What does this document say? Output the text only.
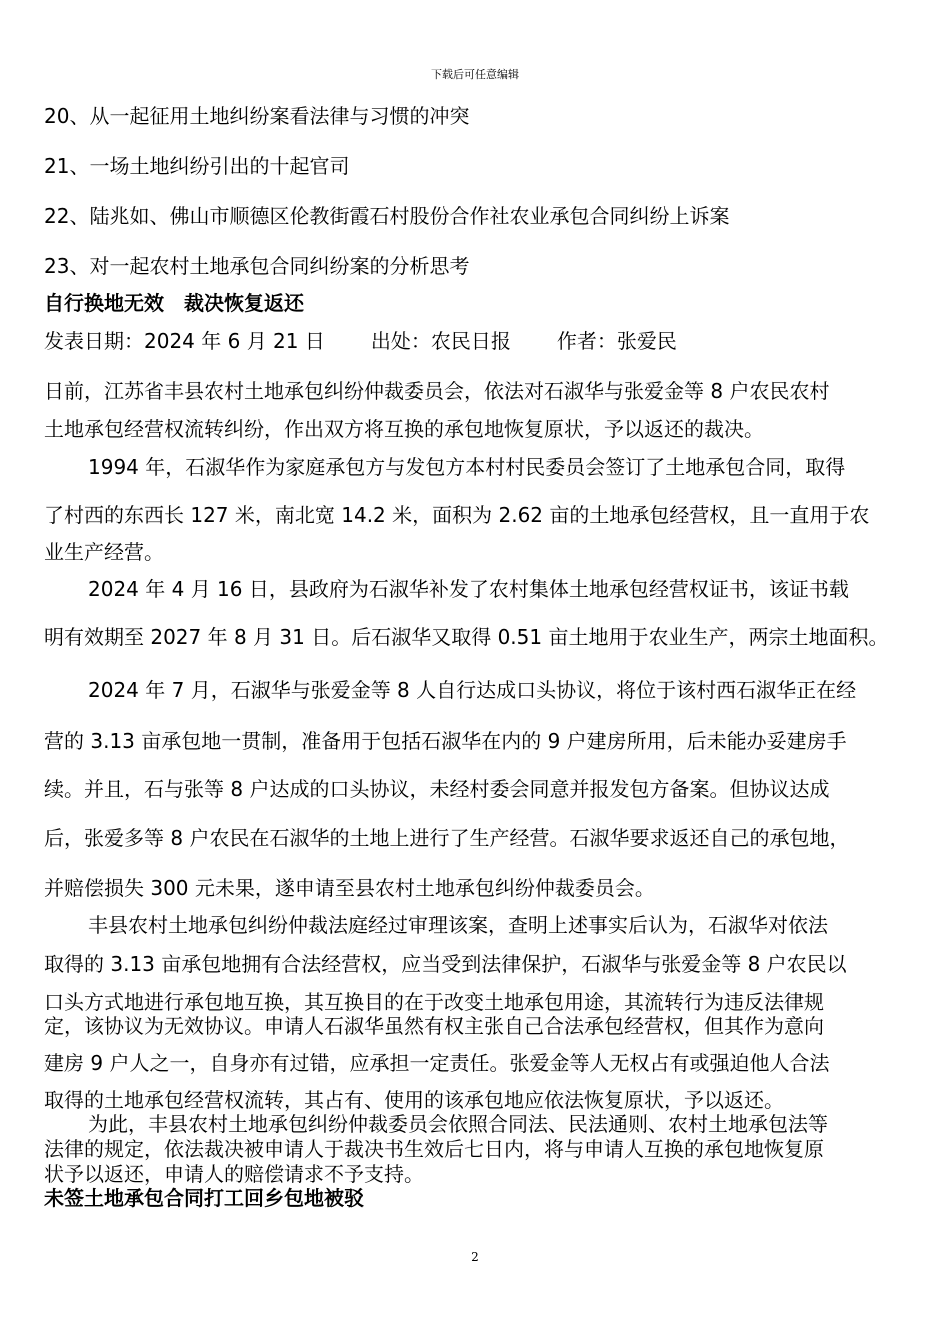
下载后可任意编辑
20、从一起征用土地纠纷案看法律与习惯的冲突
21、一场土地纠纷引出的十起官司
22、陆兆如、佛山市顺德区伦教街霞石村股份合作社农业承包合同纠纷上诉案
23、对一起农村土地承包合同纠纷案的分析思考
自行换地无效　裁决恢复返还
发表日期：2024 年 6 月 21 日 出处：农民日报 作者：张爱民
日前，江苏省丰县农村土地承包纠纷仲裁委员会，依法对石淑华与张爱金等 8 户农民农村
土地承包经营权流转纠纷，作出双方将互换的承包地恢复原状，予以返还的裁决。
1994 年，石淑华作为家庭承包方与发包方本村村民委员会签订了土地承包合同，取得
了村西的东西长 127 米，南北宽 14.2 米，面积为 2.62 亩的土地承包经营权，且一直用于农
业生产经营。
2024 年 4 月 16 日，县政府为石淑华补发了农村集体土地承包经营权证书，该证书载
明有效期至 2027 年 8 月 31 日。后石淑华又取得 0.51 亩土地用于农业生产，两宗土地面积。
2024 年 7 月，石淑华与张爱金等 8 人自行达成口头协议，将位于该村西石淑华正在经
营的 3.13 亩承包地一贯制，准备用于包括石淑华在内的 9 户建房所用，后未能办妥建房手
续。并且，石与张等 8 户达成的口头协议，未经村委会同意并报发包方备案。但协议达成
后，张爱多等 8 户农民在石淑华的土地上进行了生产经营。石淑华要求返还自己的承包地，
并赔偿损失 300 元未果，遂申请至县农村土地承包纠纷仲裁委员会。
丰县农村土地承包纠纷仲裁法庭经过审理该案，查明上述事实后认为，石淑华对依法
取得的 3.13 亩承包地拥有合法经营权，应当受到法律保护，石淑华与张爱金等 8 户农民以
口头方式地进行承包地互换，其互换目的在于改变土地承包用途，其流转行为违反法律规
定，该协议为无效协议。申请人石淑华虽然有权主张自己合法承包经营权，但其作为意向
建房 9 户人之一，自身亦有过错，应承担一定责任。张爱金等人无权占有或强迫他人合法
取得的土地承包经营权流转，其占有、使用的该承包地应依法恢复原状，予以返还。
为此，丰县农村土地承包纠纷仲裁委员会依照合同法、民法通则、农村土地承包法等
法律的规定，依法裁决被申请人于裁决书生效后七日内，将与申请人互换的承包地恢复原
状予以返还，申请人的赔偿请求不予支持。
未签土地承包合同打工回乡包地被驳
2
